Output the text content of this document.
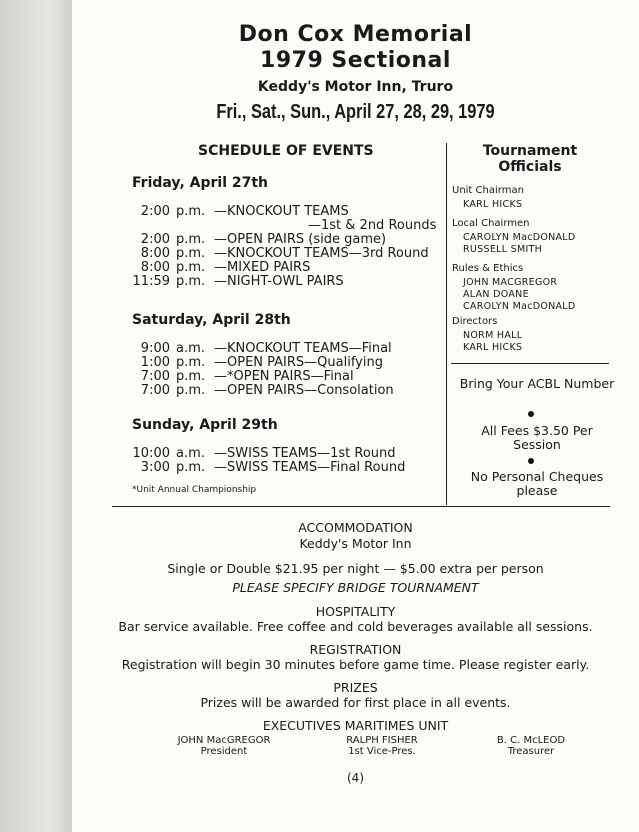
Don Cox Memorial
1979 Sectional
Keddy's Motor Inn, Truro
Fri., Sat., Sun., April 27, 28, 29, 1979
SCHEDULE OF EVENTS
Friday, April 27th
2:00 p.m. —KNOCKOUT TEAMS
—1st & 2nd Rounds
2:00 p.m. —OPEN PAIRS (side game)
8:00 p.m. —KNOCKOUT TEAMS—3rd Round
8:00 p.m. —MIXED PAIRS
11:59 p.m. —NIGHT-OWL PAIRS
Saturday, April 28th
9:00 a.m. —KNOCKOUT TEAMS—Final
1:00 p.m. —OPEN PAIRS—Qualifying
7:00 p.m. —*OPEN PAIRS—Final
7:00 p.m. —OPEN PAIRS—Consolation
Sunday, April 29th
10:00 a.m. —SWISS TEAMS—1st Round
3:00 p.m. —SWISS TEAMS—Final Round
*Unit Annual Championship
Tournament Officials
Unit Chairman
KARL HICKS
Local Chairmen
CAROLYN MacDONALD
RUSSELL SMITH
Rules & Ethics
JOHN MACGREGOR
ALAN DOANE
CAROLYN MacDONALD
Directors
NORM HALL
KARL HICKS
Bring Your ACBL Number
All Fees $3.50 Per Session
No Personal Cheques please
ACCOMMODATION
Keddy's Motor Inn
Single or Double $21.95 per night — $5.00 extra per person
PLEASE SPECIFY BRIDGE TOURNAMENT
HOSPITALITY
Bar service available. Free coffee and cold beverages available all sessions.
REGISTRATION
Registration will begin 30 minutes before game time. Please register early.
PRIZES
Prizes will be awarded for first place in all events.
EXECUTIVES MARITIMES UNIT
JOHN MacGREGOR
President
RALPH FISHER
1st Vice-Pres.
B. C. McLEOD
Treasurer
(4)
